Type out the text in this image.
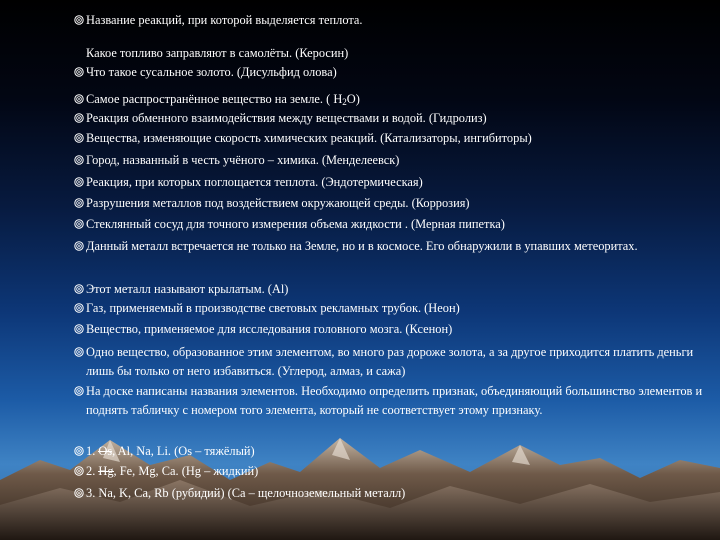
Название реакций, при которой выделяется теплота.

Какое топливо заправляют в самолёты. (Керосин)

Что такое сусальное золото. (Дисульфид олова)

Самое распространённое вещество на земле. ( $H_2O$)

Реакция обменного взаимодействия между веществами и водой. (Гидролиз)

Вещества, изменяющие скорость химических реакций. (Катализаторы, ингибиторы)

Город, названный в честь учёного – химика. (Менделеевск)

Реакция, при которых поглощается теплота. (Эндотермическая)

Разрушения металлов под воздействием окружающей среды. (Коррозия)

Стеклянный сосуд для точного измерения объема жидкости . (Мерная пипетка)

Данный металл встречается не только на Земле, но и в космосе. Его обнаружили в упавших метеоритах.

Этот металл называют крылатым. (Al)

Газ, применяемый в производстве световых рекламных трубок. (Неон)

Вещество, применяемое для исследования головного мозга. (Ксенон)

Одно вещество, образованное этим элементом, во много раз дороже золота, а за другое приходится платить деньги лишь бы только от него избавиться. (Углерод, алмаз, и сажа)

На доске написаны названия элементов. Необходимо определить признак, объединяющий большинство элементов и поднять табличку с номером того элемента, который не соответствует этому признаку.

1. Os, Al, Na, Li. (Os – тяжёлый)

2. Hg, Fe, Mg, Ca. (Hg – жидкий)

3. Na, K, Ca, Rb (рубидий) (Ca – щелочноземельный металл)
